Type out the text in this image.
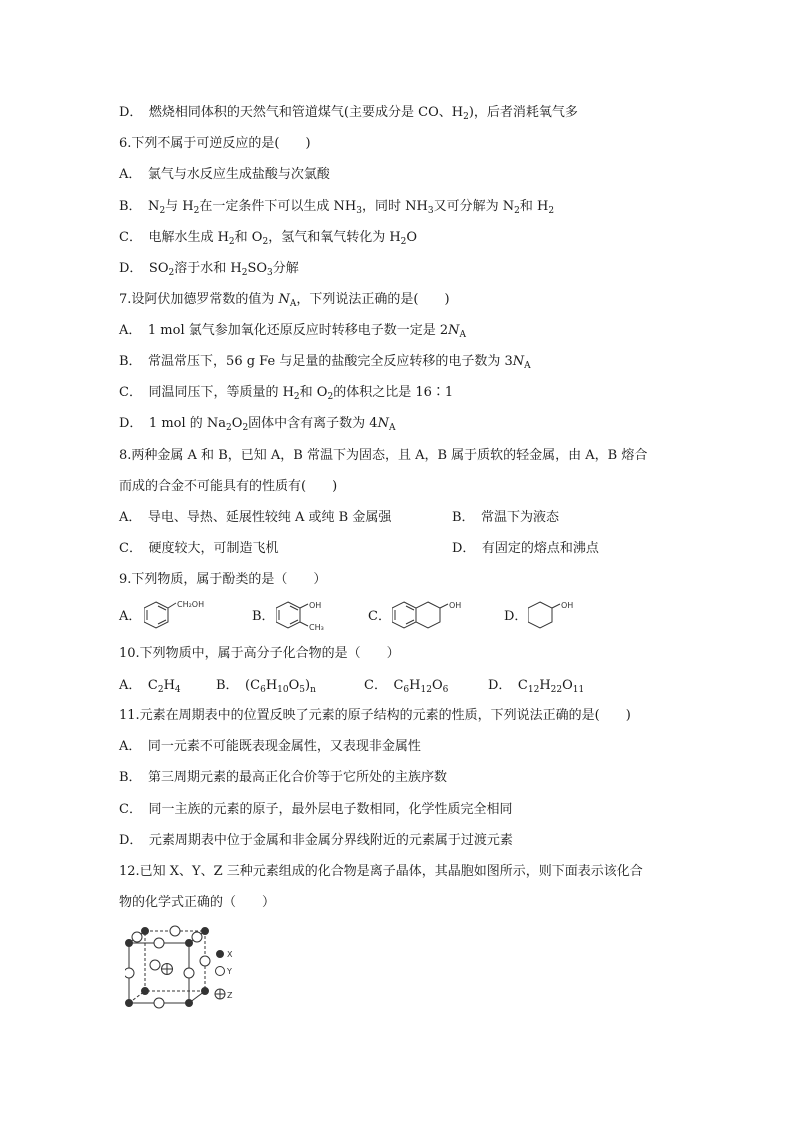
D．　燃烧相同体积的天然气和管道煤气(主要成分是 CO、$H_2$)，后者消耗氧气多
6.下列不属于可逆反应的是(　　)
A．　氯气与水反应生成盐酸与次氯酸
B．　$N_2$与 $H_2$在一定条件下可以生成 $NH_3$，同时 $NH_3$又可分解为 $N_2$和 $H_2$
C．　电解水生成 $H_2$和 $O_2$，氢气和氧气转化为 $H_2O$
D．　$SO_2$溶于水和 $H_2SO_3$分解
7.设阿伏加德罗常数的值为 $N_A$，下列说法正确的是(　　)
A．　1 mol 氯气参加氧化还原反应时转移电子数一定是 $2N_A$
B．　常温常压下，56 g Fe 与足量的盐酸完全反应转移的电子数为 $3N_A$
C．　同温同压下，等质量的 $H_2$和 $O_2$的体积之比是 16∶1
D．　1 mol 的 $Na_2O_2$固体中含有离子数为 $4N_A$
8.两种金属 A 和 B，已知 A，B 常温下为固态，且 A，B 属于质软的轻金属，由 A，B 熔合
而成的合金不可能具有的性质有(　　)
A．　导电、导热、延展性较纯 A 或纯 B 金属强	B．　常温下为液态
C．　硬度较大，可制造飞机	D．　有固定的熔点和沸点
9.下列物质，属于酚类的是（　　）
A．
CH₂OH
B．
OH
CH₃
C．
OH
D．
OH
10.下列物质中，属于高分子化合物的是（　　）
A．　$C_2H_4$	B．　$(C_6H_{10}O_5)_n$	C．　$C_6H_{12}O_6$	D．　$C_{12}H_{22}O_{11}$
11.元素在周期表中的位置反映了元素的原子结构的元素的性质，下列说法正确的是(　　)
A．　同一元素不可能既表现金属性，又表现非金属性
B．　第三周期元素的最高正化合价等于它所处的主族序数
C．　同一主族的元素的原子，最外层电子数相同，化学性质完全相同
D．　元素周期表中位于金属和非金属分界线附近的元素属于过渡元素
12.已知 X、Y、Z 三种元素组成的化合物是离子晶体，其晶胞如图所示，则下面表示该化合
物的化学式正确的（　　）
X
Y
Z
